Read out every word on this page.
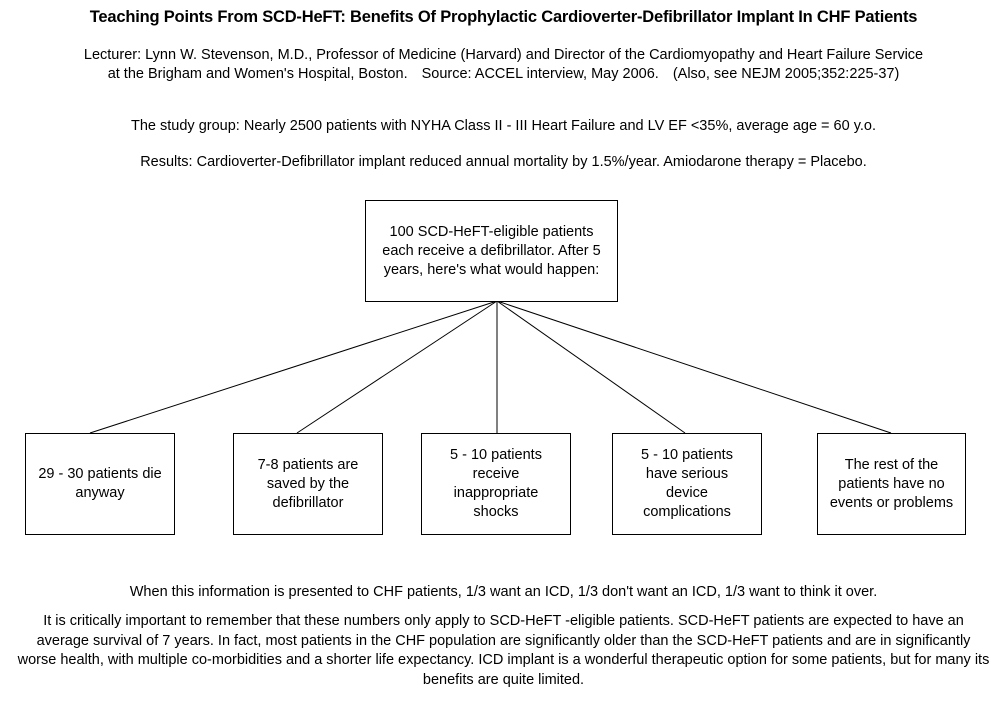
Teaching Points From SCD-HeFT: Benefits Of Prophylactic Cardioverter-Defibrillator Implant In CHF Patients
Lecturer: Lynn W. Stevenson, M.D., Professor of Medicine (Harvard) and Director of the Cardiomyopathy and Heart Failure Service
at the Brigham and Women's Hospital, Boston. Source: ACCEL interview, May 2006. (Also, see NEJM 2005;352:225-37)
The study group: Nearly 2500 patients with NYHA Class II - III Heart Failure and LV EF <35%, average age = 60 y.o.
Results: Cardioverter-Defibrillator implant reduced annual mortality by 1.5%/year. Amiodarone therapy = Placebo.
100 SCD-HeFT-eligible patients each receive a defibrillator. After 5 years, here's what would happen:
29 - 30 patients die anyway
7-8 patients are saved by the defibrillator
5 - 10 patients receive inappropriate shocks
5 - 10 patients have serious device complications
The rest of the patients have no events or problems
When this information is presented to CHF patients, 1/3 want an ICD, 1/3 don't want an ICD, 1/3 want to think it over.
It is critically important to remember that these numbers only apply to SCD-HeFT -eligible patients. SCD-HeFT patients are expected to have an average survival of 7 years. In fact, most patients in the CHF population are significantly older than the SCD-HeFT patients and are in significantly worse health, with multiple co-morbidities and a shorter life expectancy. ICD implant is a wonderful therapeutic option for some patients, but for many its benefits are quite limited.
